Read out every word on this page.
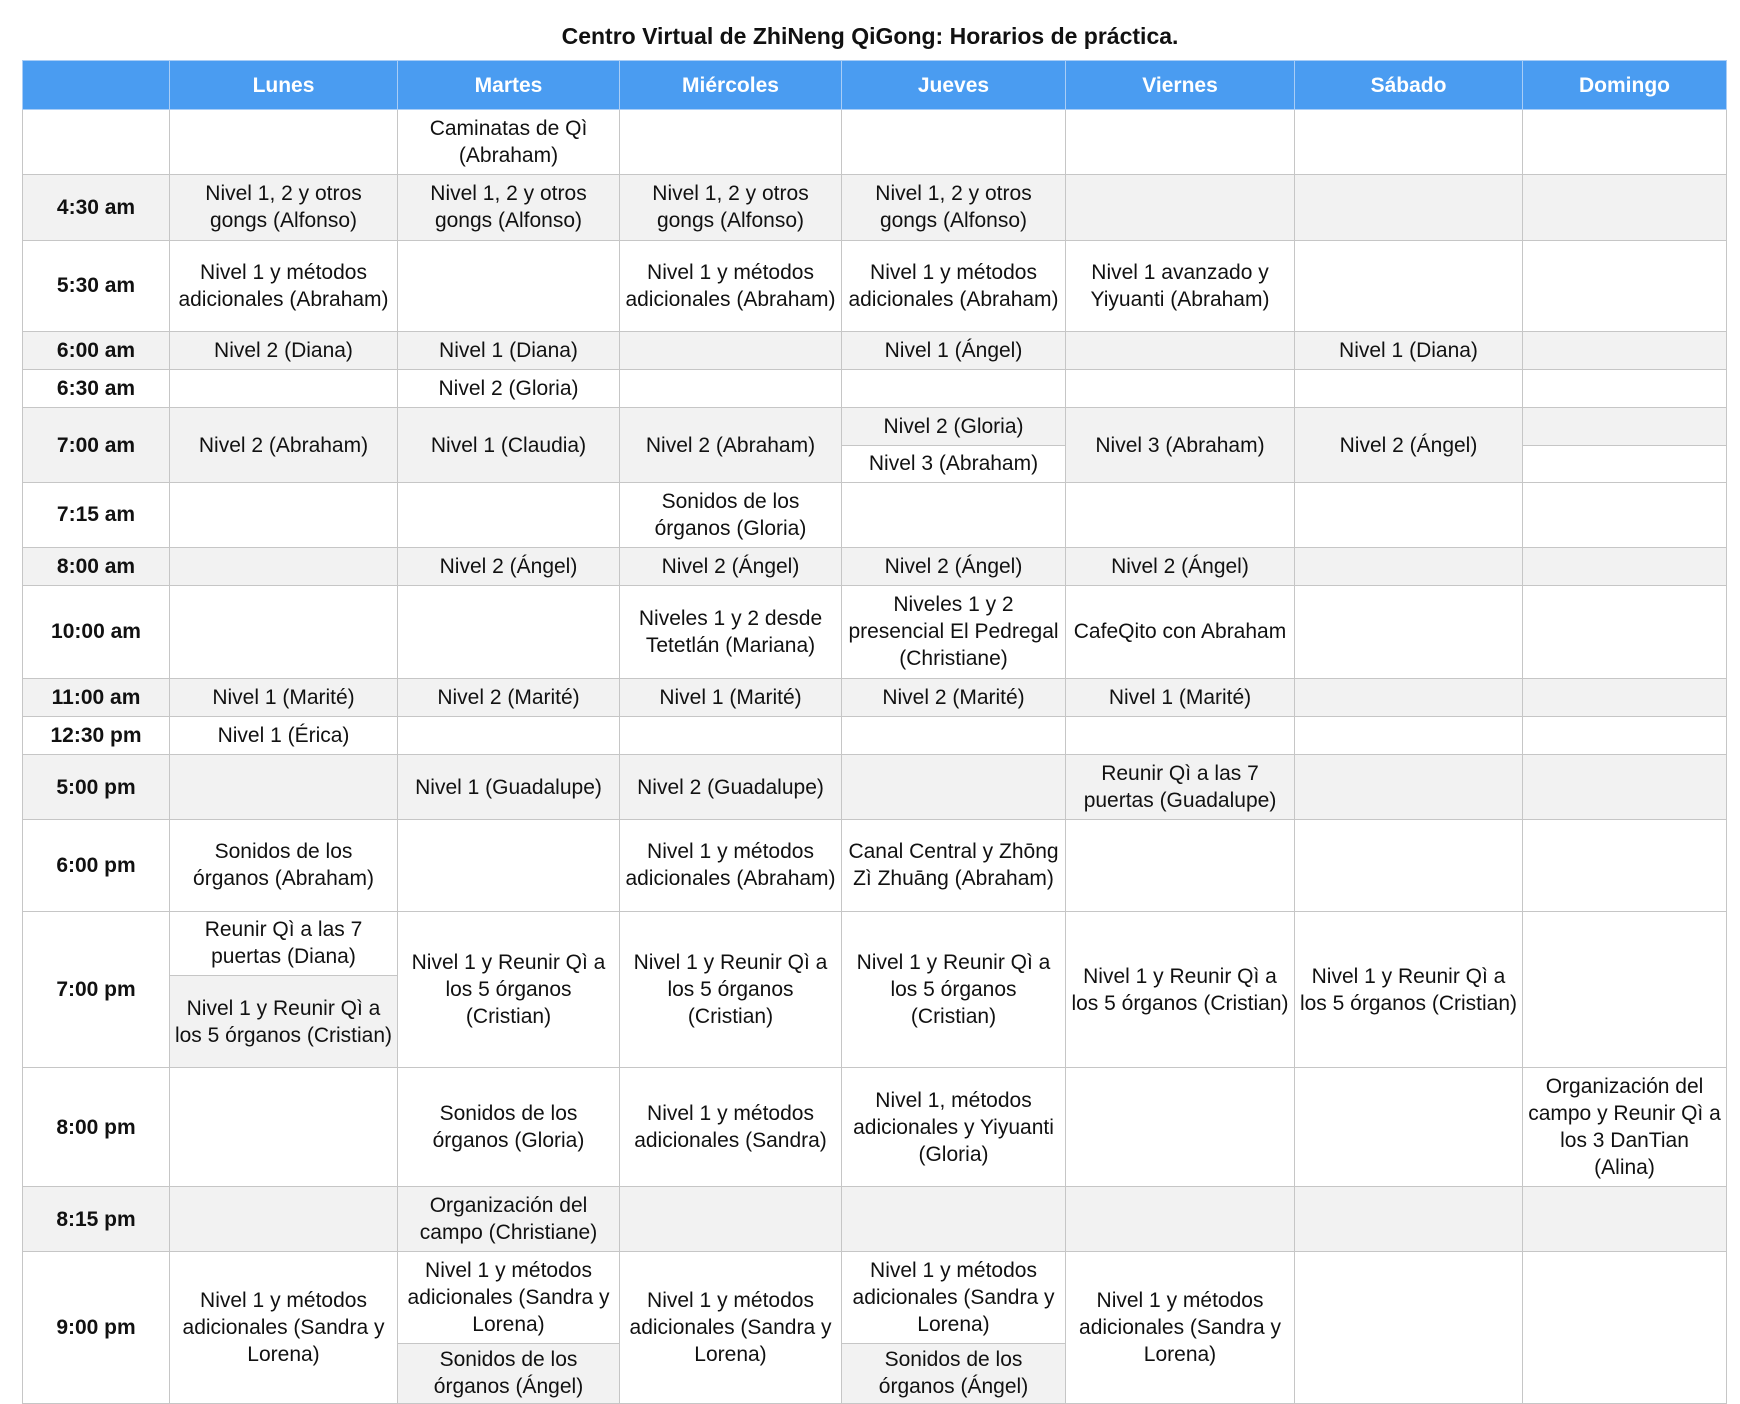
Centro Virtual de ZhiNeng QiGong: Horarios de práctica.
	Lunes	Martes	Miércoles	Jueves	Viernes	Sábado	Domingo
		Caminatas de Qì (Abraham)					
4:30 am	Nivel 1, 2 y otros gongs (Alfonso)	Nivel 1, 2 y otros gongs (Alfonso)	Nivel 1, 2 y otros gongs (Alfonso)	Nivel 1, 2 y otros gongs (Alfonso)			
5:30 am	Nivel 1 y métodos adicionales (Abraham)		Nivel 1 y métodos adicionales (Abraham)	Nivel 1 y métodos adicionales (Abraham)	Nivel 1 avanzado y Yiyuanti (Abraham)		
6:00 am	Nivel 2 (Diana)	Nivel 1 (Diana)		Nivel 1 (Ángel)		Nivel 1 (Diana)	
6:30 am		Nivel 2 (Gloria)					
7:00 am	Nivel 2 (Abraham)	Nivel 1 (Claudia)	Nivel 2 (Abraham)	Nivel 2 (Gloria)	Nivel 3 (Abraham)	Nivel 2 (Ángel)	
				Nivel 3 (Abraham)			
7:15 am			Sonidos de los órganos (Gloria)				
8:00 am		Nivel 2 (Ángel)	Nivel 2 (Ángel)	Nivel 2 (Ángel)	Nivel 2 (Ángel)		
10:00 am			Niveles 1 y 2 desde Tetetlán (Mariana)	Niveles 1 y 2 presencial El Pedregal (Christiane)	CafeQito con Abraham		
11:00 am	Nivel 1 (Marité)	Nivel 2 (Marité)	Nivel 1 (Marité)	Nivel 2 (Marité)	Nivel 1 (Marité)		
12:30 pm	Nivel 1 (Érica)						
5:00 pm		Nivel 1 (Guadalupe)	Nivel 2 (Guadalupe)		Reunir Qì a las 7 puertas (Guadalupe)		
6:00 pm	Sonidos de los órganos (Abraham)		Nivel 1 y métodos adicionales (Abraham)	Canal Central y Zhōng Zì Zhuāng (Abraham)			
7:00 pm	Reunir Qì a las 7 puertas (Diana)	Nivel 1 y Reunir Qì a los 5 órganos (Cristian)	Nivel 1 y Reunir Qì a los 5 órganos (Cristian)	Nivel 1 y Reunir Qì a los 5 órganos (Cristian)	Nivel 1 y Reunir Qì a los 5 órganos (Cristian)	Nivel 1 y Reunir Qì a los 5 órganos (Cristian)	
	Nivel 1 y Reunir Qì a los 5 órganos (Cristian)						
8:00 pm		Sonidos de los órganos (Gloria)	Nivel 1 y métodos adicionales (Sandra)	Nivel 1, métodos adicionales y Yiyuanti (Gloria)			Organización del campo y Reunir Qì a los 3 DanTian (Alina)
8:15 pm		Organización del campo (Christiane)					
9:00 pm	Nivel 1 y métodos adicionales (Sandra y Lorena)	Nivel 1 y métodos adicionales (Sandra y Lorena)	Nivel 1 y métodos adicionales (Sandra y Lorena)	Nivel 1 y métodos adicionales (Sandra y Lorena)	Nivel 1 y métodos adicionales (Sandra y Lorena)		
		Sonidos de los órganos (Ángel)		Sonidos de los órganos (Ángel)			
